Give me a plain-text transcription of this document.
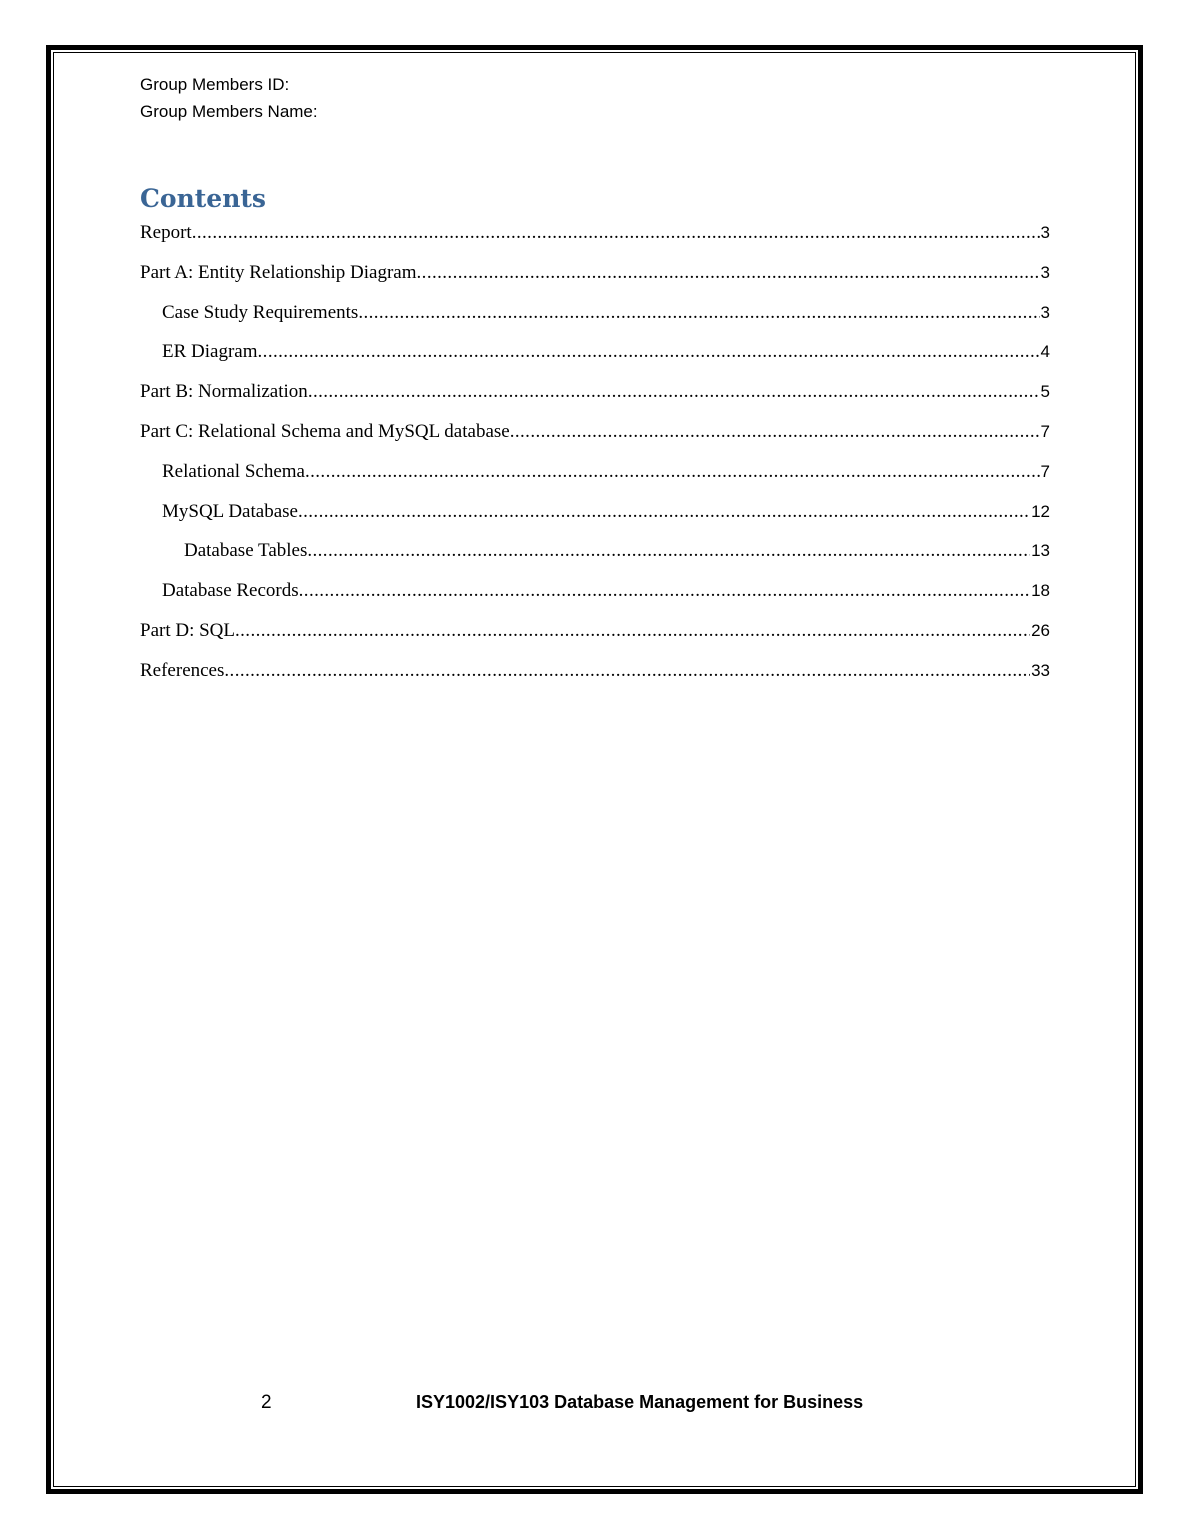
Group Members ID:
Group Members Name:
Contents
Report .....	3
Part A: Entity Relationship Diagram .....	3
Case Study Requirements .....	3
ER Diagram .....	4
Part B: Normalization .....	5
Part C: Relational Schema and MySQL database .....	7
Relational Schema .....	7
MySQL Database .....	12
Database Tables .....	13
Database Records .....	18
Part D: SQL .....	26
References .....	33
2	ISY1002/ISY103 Database Management for Business
